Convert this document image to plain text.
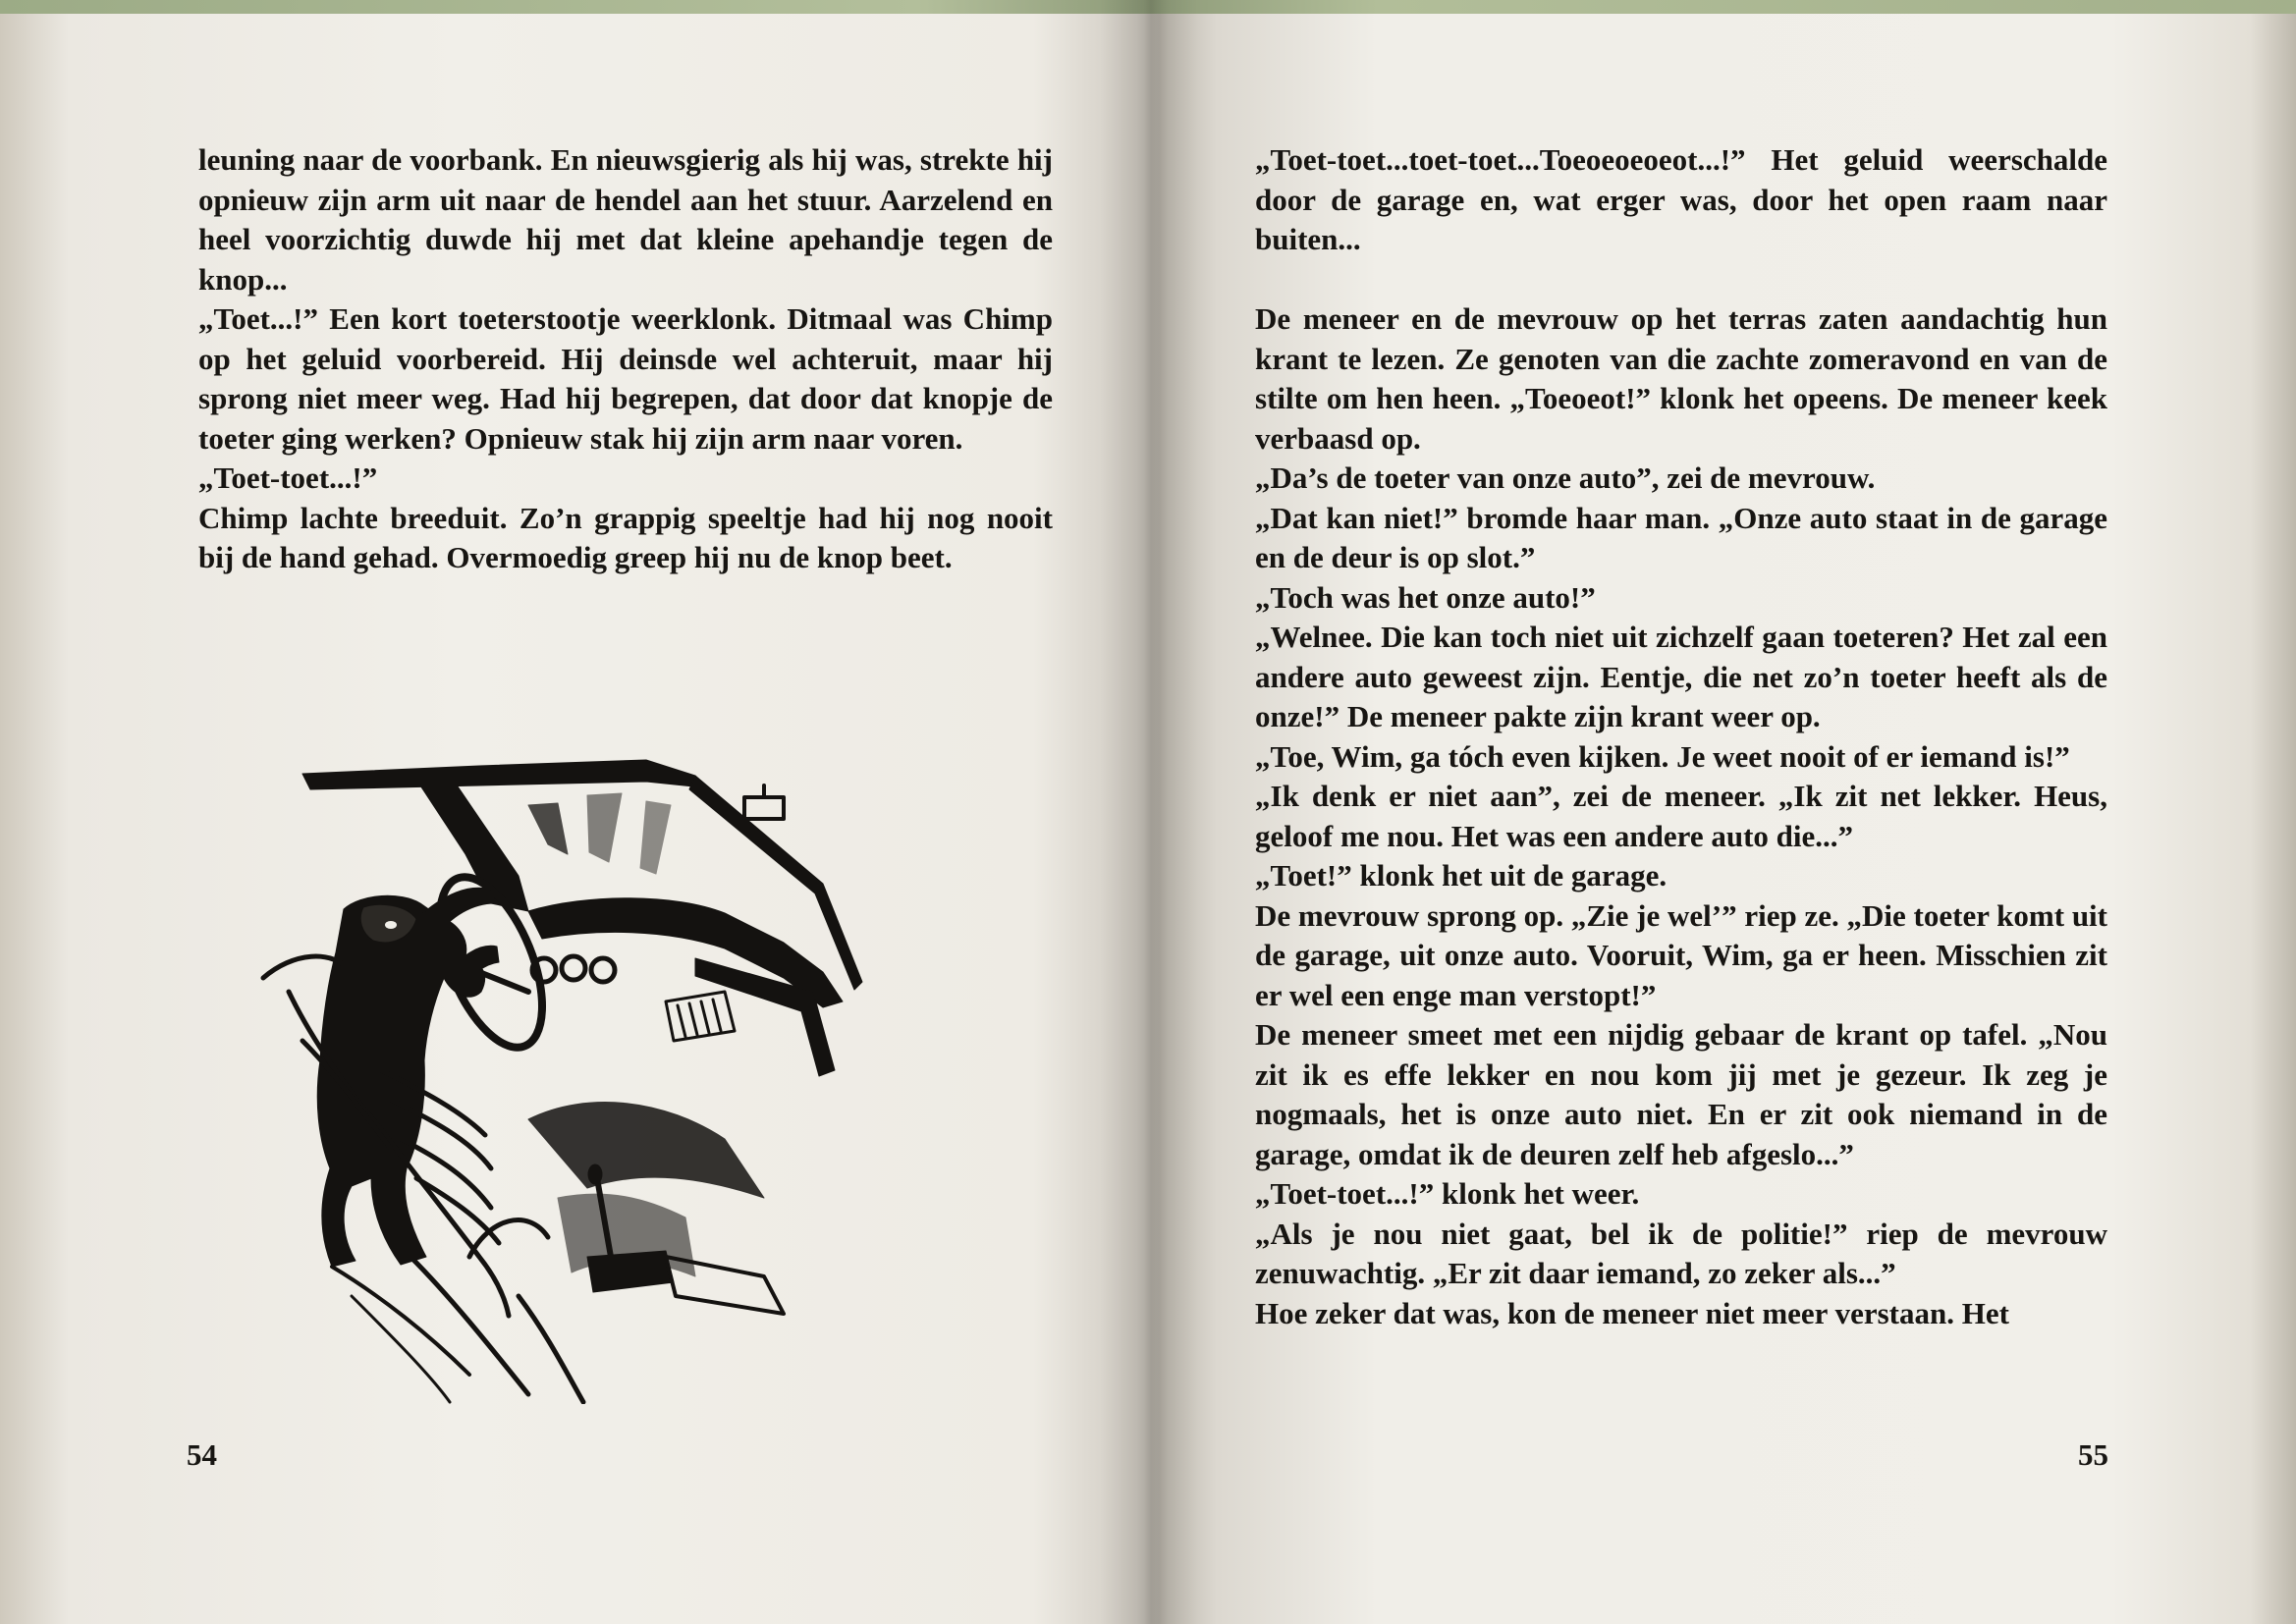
leuning naar de voorbank. En nieuwsgierig als hij was, strekte hij opnieuw zijn arm uit naar de hendel aan het stuur. Aarzelend en heel voorzichtig duwde hij met dat kleine apehandje tegen de knop...

„Toet...!” Een kort toeterstootje weerklonk. Ditmaal was Chimp op het geluid voorbereid. Hij deinsde wel achteruit, maar hij sprong niet meer weg. Had hij begrepen, dat door dat knopje de toeter ging werken? Opnieuw stak hij zijn arm naar voren.

„Toet-toet...!”

Chimp lachte breeduit. Zo’n grappig speeltje had hij nog nooit bij de hand gehad. Overmoedig greep hij nu de knop beet.

54

„Toet-toet...toet-toet...Toeoeoeoeot...!” Het geluid weerschalde door de garage en, wat erger was, door het open raam naar buiten...

De meneer en de mevrouw op het terras zaten aandachtig hun krant te lezen. Ze genoten van die zachte zomeravond en van de stilte om hen heen. „Toeoeot!” klonk het opeens. De meneer keek verbaasd op.

„Da’s de toeter van onze auto”, zei de mevrouw.

„Dat kan niet!” bromde haar man. „Onze auto staat in de garage en de deur is op slot.”

„Toch was het onze auto!”

„Welnee. Die kan toch niet uit zichzelf gaan toeteren? Het zal een andere auto geweest zijn. Eentje, die net zo’n toeter heeft als de onze!” De meneer pakte zijn krant weer op.

„Toe, Wim, ga tóch even kijken. Je weet nooit of er iemand is!”

„Ik denk er niet aan”, zei de meneer. „Ik zit net lekker. Heus, geloof me nou. Het was een andere auto die...”

„Toet!” klonk het uit de garage.

De mevrouw sprong op. „Zie je wel’” riep ze. „Die toeter komt uit de garage, uit onze auto. Vooruit, Wim, ga er heen. Misschien zit er wel een enge man verstopt!”

De meneer smeet met een nijdig gebaar de krant op tafel. „Nou zit ik es effe lekker en nou kom jij met je gezeur. Ik zeg je nogmaals, het is onze auto niet. En er zit ook niemand in de garage, omdat ik de deuren zelf heb afgeslo...”

„Toet-toet...!” klonk het weer.

„Als je nou niet gaat, bel ik de politie!” riep de mevrouw zenuwachtig. „Er zit daar iemand, zo zeker als...”

Hoe zeker dat was, kon de meneer niet meer verstaan. Het

55
